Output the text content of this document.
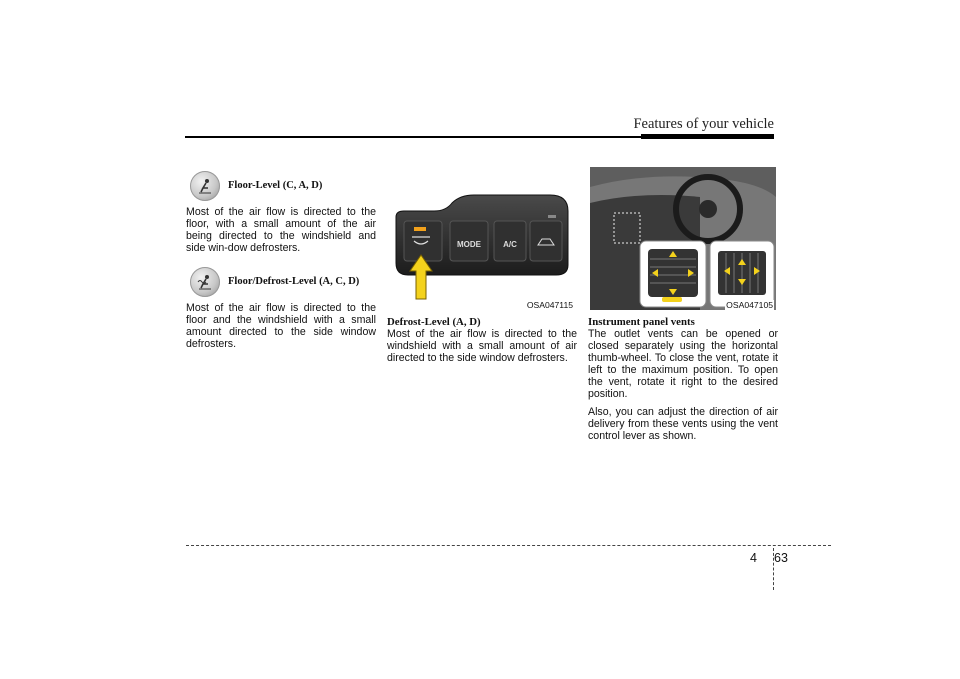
Features of your vehicle
Floor-Level (C, A, D)

Most of the air flow is directed to the floor, with a small amount of the air being directed to the windshield and side win-dow defrosters.

Floor/Defrost-Level (A, C, D)

Most of the air flow is directed to the floor and the windshield with a small amount directed to the side window defrosters.

MODE	A/C
OSA047115
Defrost-Level (A, D)

Most of the air flow is directed to the windshield with a small amount of air directed to the side window defrosters.

OSA047105
Instrument panel vents

The outlet vents can be opened or closed separately using the horizontal thumb-wheel. To close the vent, rotate it left to the maximum position. To open the vent, rotate it right to the desired position.

Also, you can adjust the direction of air delivery from these vents using the vent control lever as shown.

4 63
